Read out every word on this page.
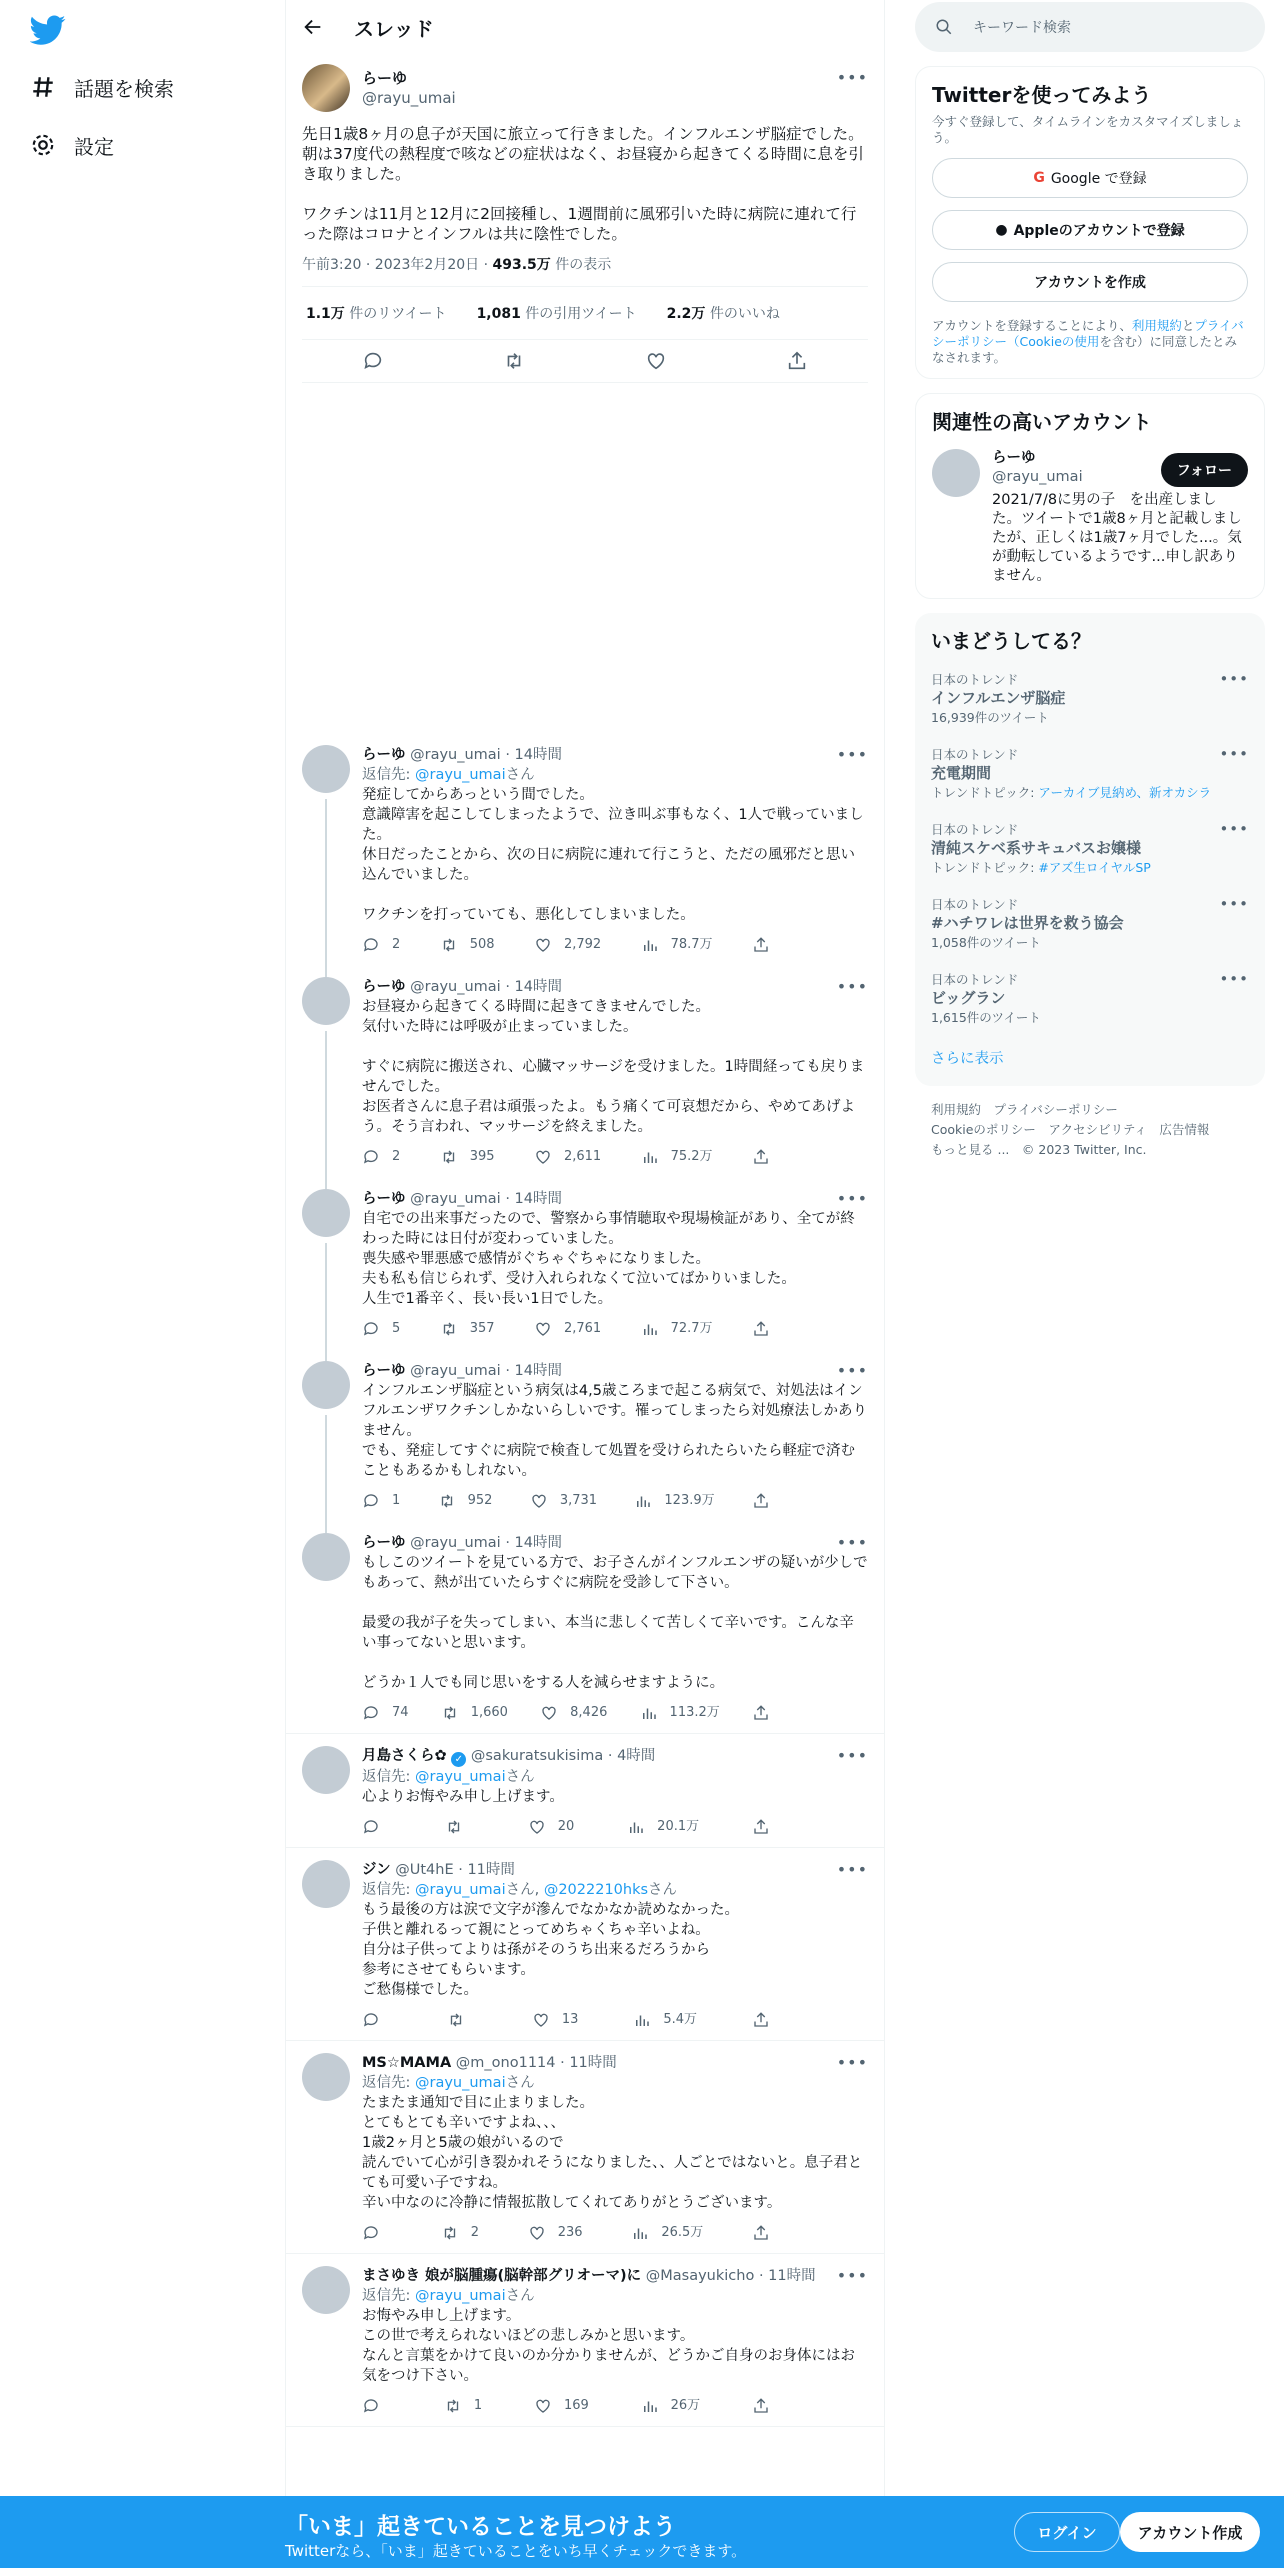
話題を検索
設定
スレッド
らーゆ
@rayu_umai
•••
先日1歳8ヶ月の息子が天国に旅立って行きました。インフルエンザ脳症でした。
朝は37度代の熱程度で咳などの症状はなく、お昼寝から起きてくる時間に息を引き取りました。

ワクチンは11月と12月に2回接種し、1週間前に風邪引いた時に病院に連れて行った際はコロナとインフルは共に陰性でした。
午前3:20 · 2023年2月20日 · 493.5万 件の表示
1.1万 件のリツイート 1,081 件の引用ツイート 2.2万 件のいいね
•••
らーゆ @rayu_umai · 14時間
返信先: @rayu_umaiさん
発症してからあっという間でした。
意識障害を起こしてしまったようで、泣き叫ぶ事もなく、1人で戦っていました。
休日だったことから、次の日に病院に連れて行こうと、ただの風邪だと思い込んでいました。

ワクチンを打っていても、悪化してしまいました。
2	508	2,792	78.7万
•••
らーゆ @rayu_umai · 14時間
お昼寝から起きてくる時間に起きてきませんでした。
気付いた時には呼吸が止まっていました。

すぐに病院に搬送され、心臓マッサージを受けました。1時間経っても戻りませんでした。
お医者さんに息子君は頑張ったよ。もう痛くて可哀想だから、やめてあげよう。そう言われ、マッサージを終えました。
2	395	2,611	75.2万
•••
らーゆ @rayu_umai · 14時間
自宅での出来事だったので、警察から事情聴取や現場検証があり、全てが終わった時には日付が変わっていました。
喪失感や罪悪感で感情がぐちゃぐちゃになりました。
夫も私も信じられず、受け入れられなくて泣いてばかりいました。
人生で1番辛く、長い長い1日でした。
5	357	2,761	72.7万
•••
らーゆ @rayu_umai · 14時間
インフルエンザ脳症という病気は4,5歳ころまで起こる病気で、対処法はインフルエンザワクチンしかないらしいです。罹ってしまったら対処療法しかありません。
でも、発症してすぐに病院で検査して処置を受けられたらいたら軽症で済むこともあるかもしれない。
1	952	3,731	123.9万
•••
らーゆ @rayu_umai · 14時間
もしこのツイートを見ている方で、お子さんがインフルエンザの疑いが少しでもあって、熱が出ていたらすぐに病院を受診して下さい。

最愛の我が子を失ってしまい、本当に悲しくて苦しくて辛いです。こんな辛い事ってないと思います。

どうか１人でも同じ思いをする人を減らせますように。
74	1,660	8,426	113.2万
•••
月島さくら✿ ✓ @sakuratsukisima · 4時間
返信先: @rayu_umaiさん
心よりお悔やみ申し上げます。
20	20.1万
•••
ジン @Ut4hE · 11時間
返信先: @rayu_umaiさん, @2022210hksさん
もう最後の方は涙で文字が滲んでなかなか読めなかった。
子供と離れるって親にとってめちゃくちゃ辛いよね。
自分は子供ってよりは孫がそのうち出来るだろうから
参考にさせてもらいます。
ご愁傷様でした。
13	5.4万
•••
MS☆MAMA @m_ono1114 · 11時間
返信先: @rayu_umaiさん
たまたま通知で目に止まりました。
とてもとても辛いですよね、、、
1歳2ヶ月と5歳の娘がいるので
読んでいて心が引き裂かれそうになりました、、人ごとではないと。息子君とても可愛い子ですね。
辛い中なのに冷静に情報拡散してくれてありがとうございます。
2	236	26.5万
•••
まさゆき 娘が脳腫瘍(脳幹部グリオーマ)に @Masayukicho · 11時間
返信先: @rayu_umaiさん
お悔やみ申し上げます。
この世で考えられないほどの悲しみかと思います。
なんと言葉をかけて良いのか分かりませんが、どうかご自身のお身体にはお気をつけ下さい。
1	169	26万
キーワード検索
Twitterを使ってみよう
今すぐ登録して、タイムラインをカスタマイズしましょう。
G Google で登録
● Appleのアカウントで登録
アカウントを作成
アカウントを登録することにより、利用規約とプライバシーポリシー（Cookieの使用を含む）に同意したとみなされます。
関連性の高いアカウント
らーゆ
@rayu_umai
2021/7/8に男の子　を出産しました。ツイートで1歳8ヶ月と記載しましたが、正しくは1歳7ヶ月でした...。気が動転しているようです...申し訳ありません。
フォロー
いまどうしてる？
日本のトレンド
インフルエンザ脳症
16,939件のツイート
•••
日本のトレンド
充電期間
トレンドトピック: アーカイブ見納め、新オカシラ
•••
日本のトレンド
清純スケベ系サキュバスお嬢様
トレンドトピック: #アズ生ロイヤルSP
•••
日本のトレンド
#ハチワレは世界を救う協会
1,058件のツイート
•••
日本のトレンド
ビッグラン
1,615件のツイート
•••
さらに表示
利用規約　 プライバシーポリシー
Cookieのポリシー　 アクセシビリティ　 広告情報
もっと見る ...　 © 2023 Twitter, Inc.
「いま」起きていることを見つけよう
Twitterなら、「いま」起きていることをいち早くチェックできます。
ログイン	アカウント作成
